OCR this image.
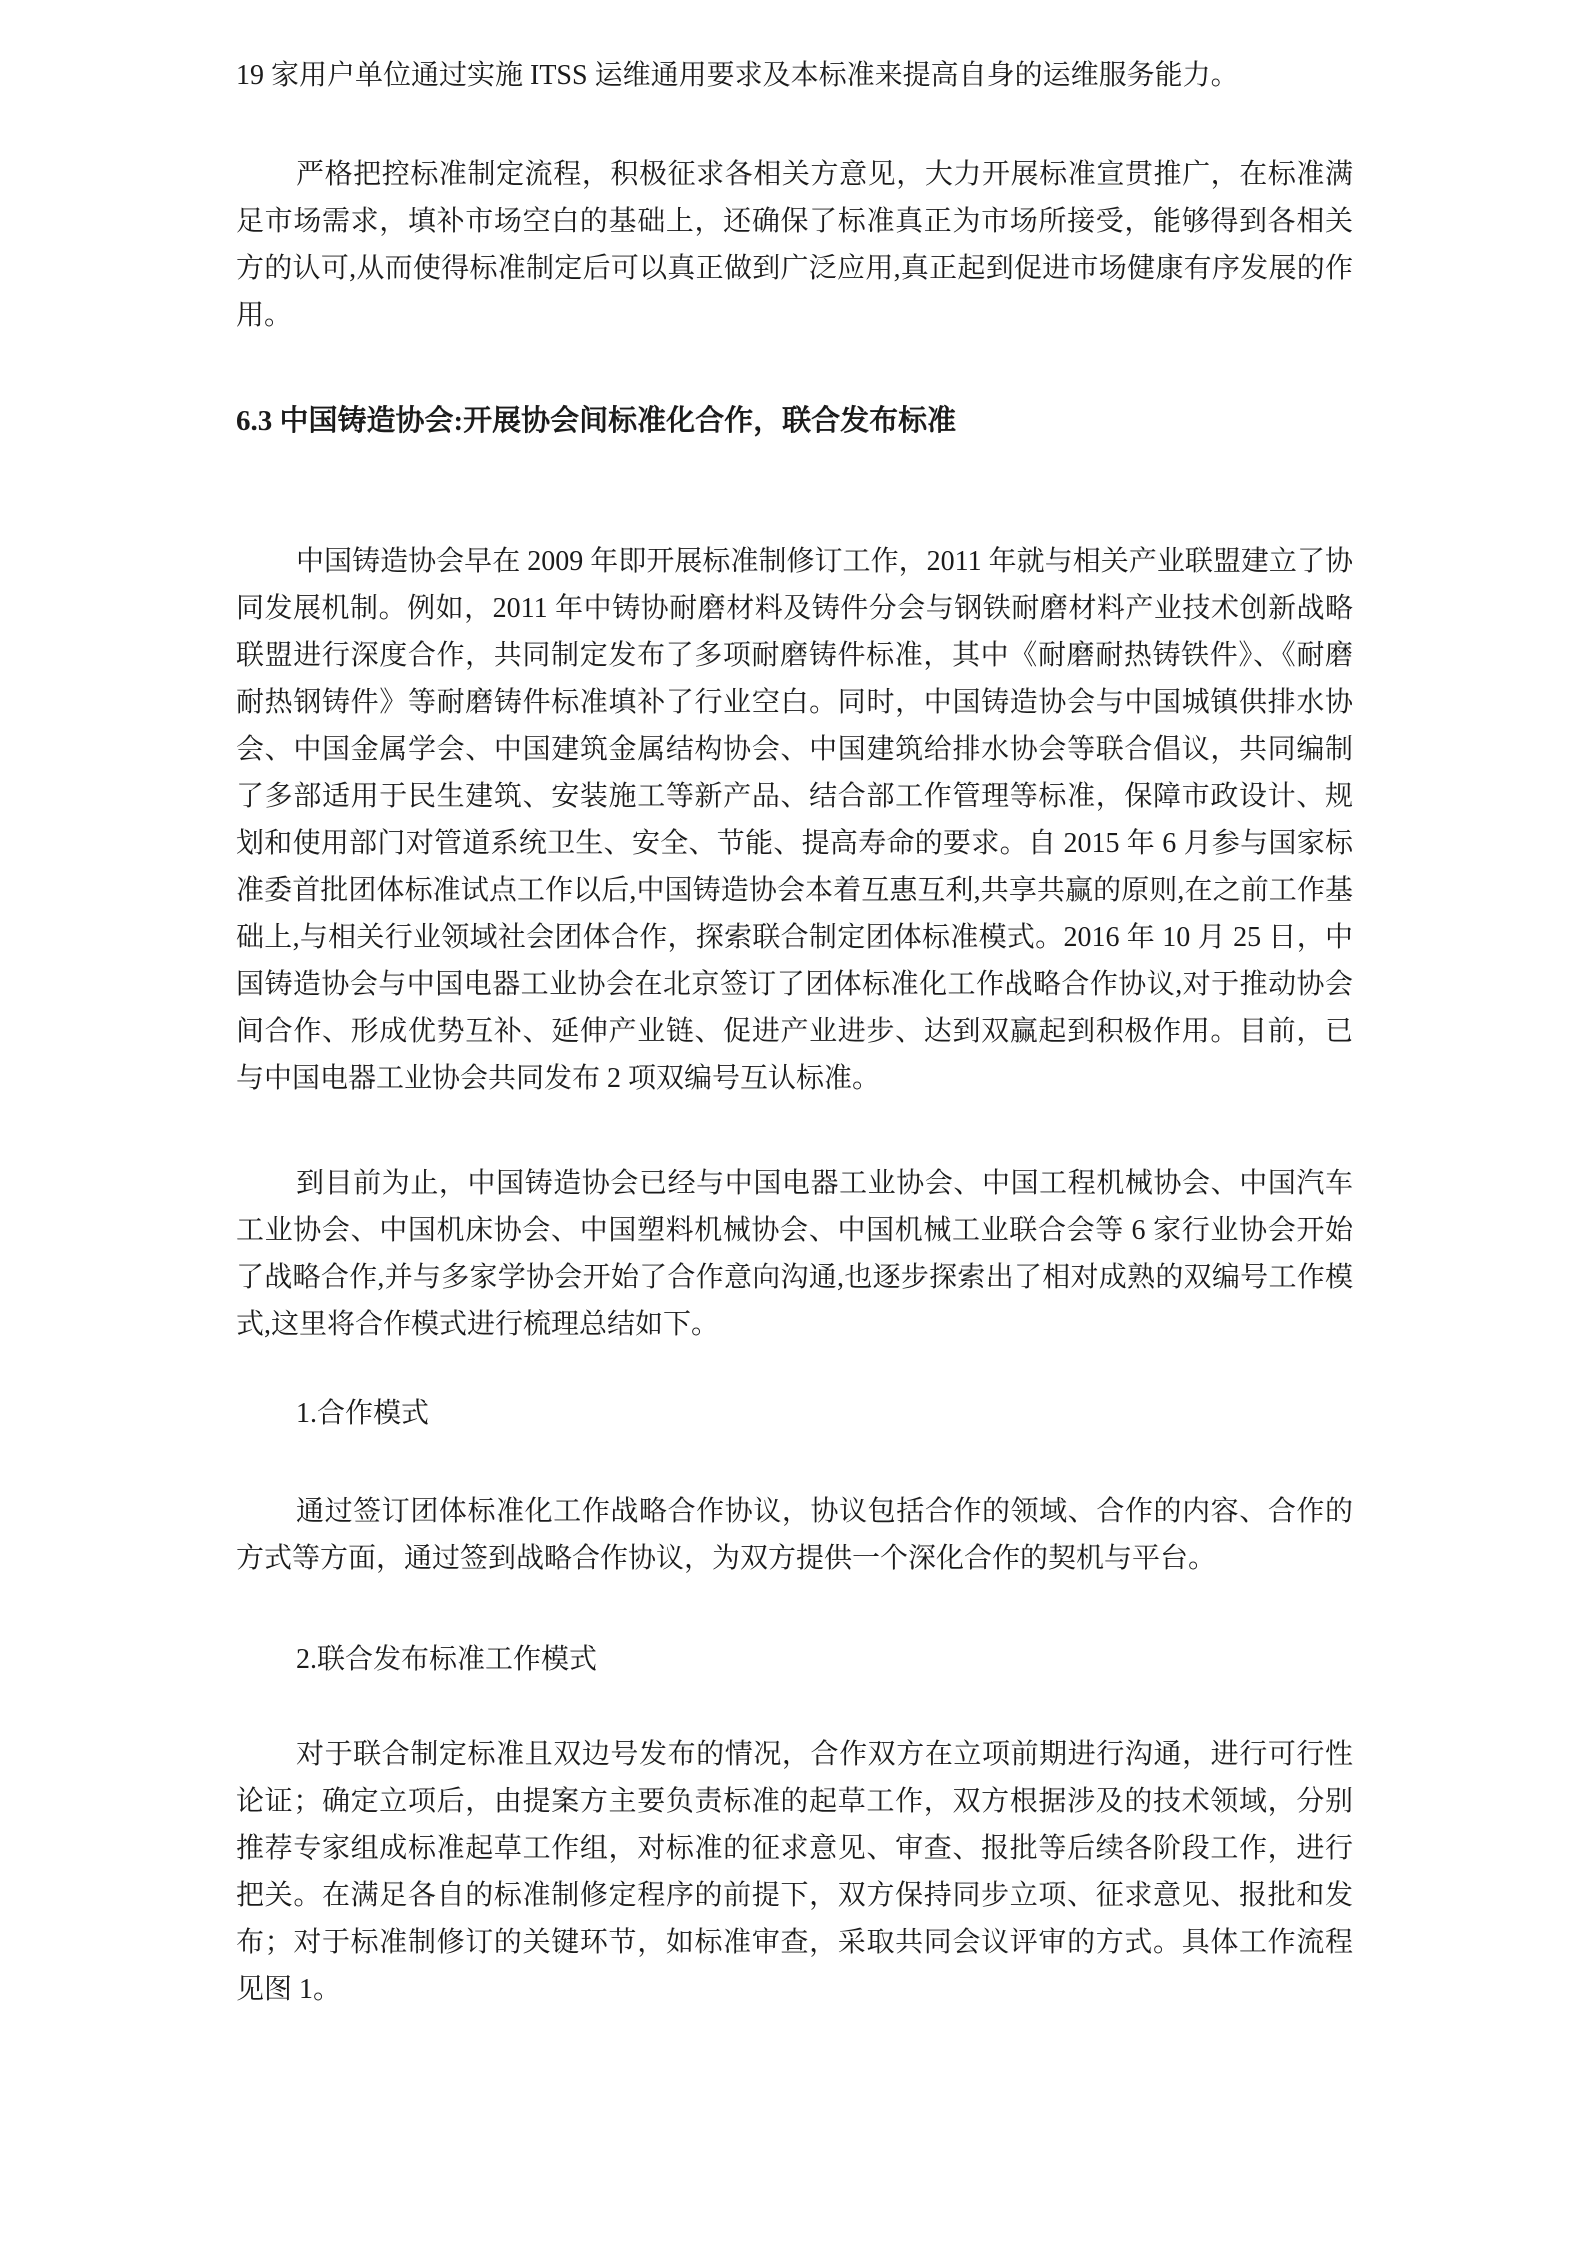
19 家用户单位通过实施 ITSS 运维通用要求及本标准来提高自身的运维服务能力。

严格把控标准制定流程，积极征求各相关方意见，大力开展标准宣贯推广，在标准满足市场需求，填补市场空白的基础上，还确保了标准真正为市场所接受，能够得到各相关方的认可,从而使得标准制定后可以真正做到广泛应用,真正起到促进市场健康有序发展的作用。

6.3 中国铸造协会:开展协会间标准化合作，联合发布标准

中国铸造协会早在 2009 年即开展标准制修订工作，2011 年就与相关产业联盟建立了协同发展机制。例如，2011 年中铸协耐磨材料及铸件分会与钢铁耐磨材料产业技术创新战略联盟进行深度合作，共同制定发布了多项耐磨铸件标准，其中《耐磨耐热铸铁件》、《耐磨耐热钢铸件》等耐磨铸件标准填补了行业空白。同时，中国铸造协会与中国城镇供排水协会、中国金属学会、中国建筑金属结构协会、中国建筑给排水协会等联合倡议，共同编制了多部适用于民生建筑、安装施工等新产品、结合部工作管理等标准，保障市政设计、规划和使用部门对管道系统卫生、安全、节能、提高寿命的要求。自 2015 年 6 月参与国家标准委首批团体标准试点工作以后,中国铸造协会本着互惠互利,共享共赢的原则,在之前工作基础上,与相关行业领域社会团体合作，探索联合制定团体标准模式。2016 年 10 月 25 日，中国铸造协会与中国电器工业协会在北京签订了团体标准化工作战略合作协议,对于推动协会间合作、形成优势互补、延伸产业链、促进产业进步、达到双赢起到积极作用。目前，已与中国电器工业协会共同发布 2 项双编号互认标准。

到目前为止，中国铸造协会已经与中国电器工业协会、中国工程机械协会、中国汽车工业协会、中国机床协会、中国塑料机械协会、中国机械工业联合会等 6 家行业协会开始了战略合作,并与多家学协会开始了合作意向沟通,也逐步探索出了相对成熟的双编号工作模式,这里将合作模式进行梳理总结如下。

1.合作模式

通过签订团体标准化工作战略合作协议，协议包括合作的领域、合作的内容、合作的方式等方面，通过签到战略合作协议，为双方提供一个深化合作的契机与平台。

2.联合发布标准工作模式

对于联合制定标准且双边号发布的情况，合作双方在立项前期进行沟通，进行可行性论证；确定立项后，由提案方主要负责标准的起草工作，双方根据涉及的技术领域，分别推荐专家组成标准起草工作组，对标准的征求意见、审查、报批等后续各阶段工作，进行把关。在满足各自的标准制修定程序的前提下，双方保持同步立项、征求意见、报批和发布；对于标准制修订的关键环节，如标准审查，采取共同会议评审的方式。具体工作流程见图 1。
